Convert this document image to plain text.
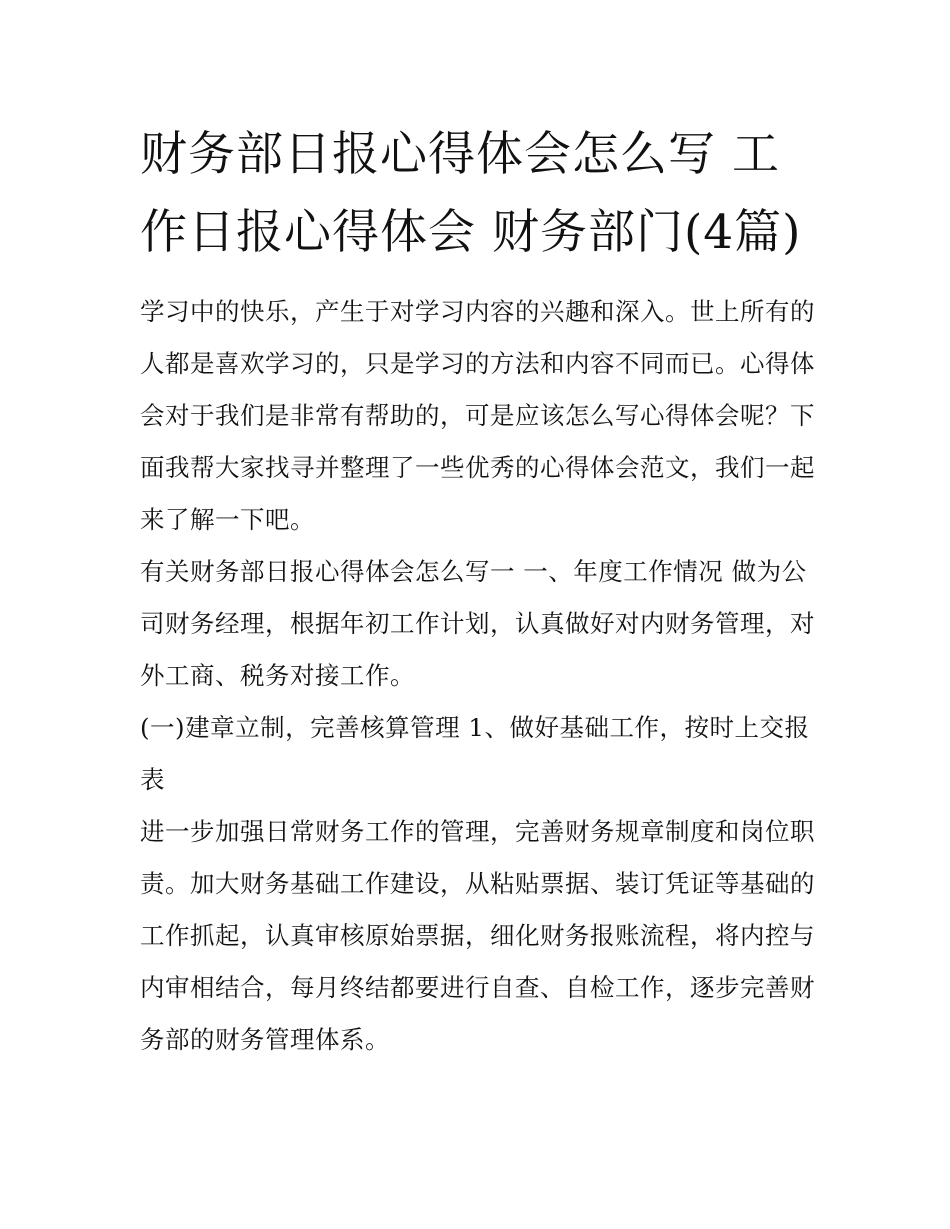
财务部日报心得体会怎么写 工作日报心得体会 财务部门(4篇)

学习中的快乐，产生于对学习内容的兴趣和深入。世上所有的人都是喜欢学习的，只是学习的方法和内容不同而已。心得体会对于我们是非常有帮助的，可是应该怎么写心得体会呢？下面我帮大家找寻并整理了一些优秀的心得体会范文，我们一起来了解一下吧。

有关财务部日报心得体会怎么写一 一、年度工作情况 做为公司财务经理，根据年初工作计划，认真做好对内财务管理，对外工商、税务对接工作。

(一)建章立制，完善核算管理 1、做好基础工作，按时上交报表

进一步加强日常财务工作的管理，完善财务规章制度和岗位职责。加大财务基础工作建设，从粘贴票据、装订凭证等基础的工作抓起，认真审核原始票据，细化财务报账流程，将内控与内审相结合，每月终结都要进行自查、自检工作，逐步完善财务部的财务管理体系。
